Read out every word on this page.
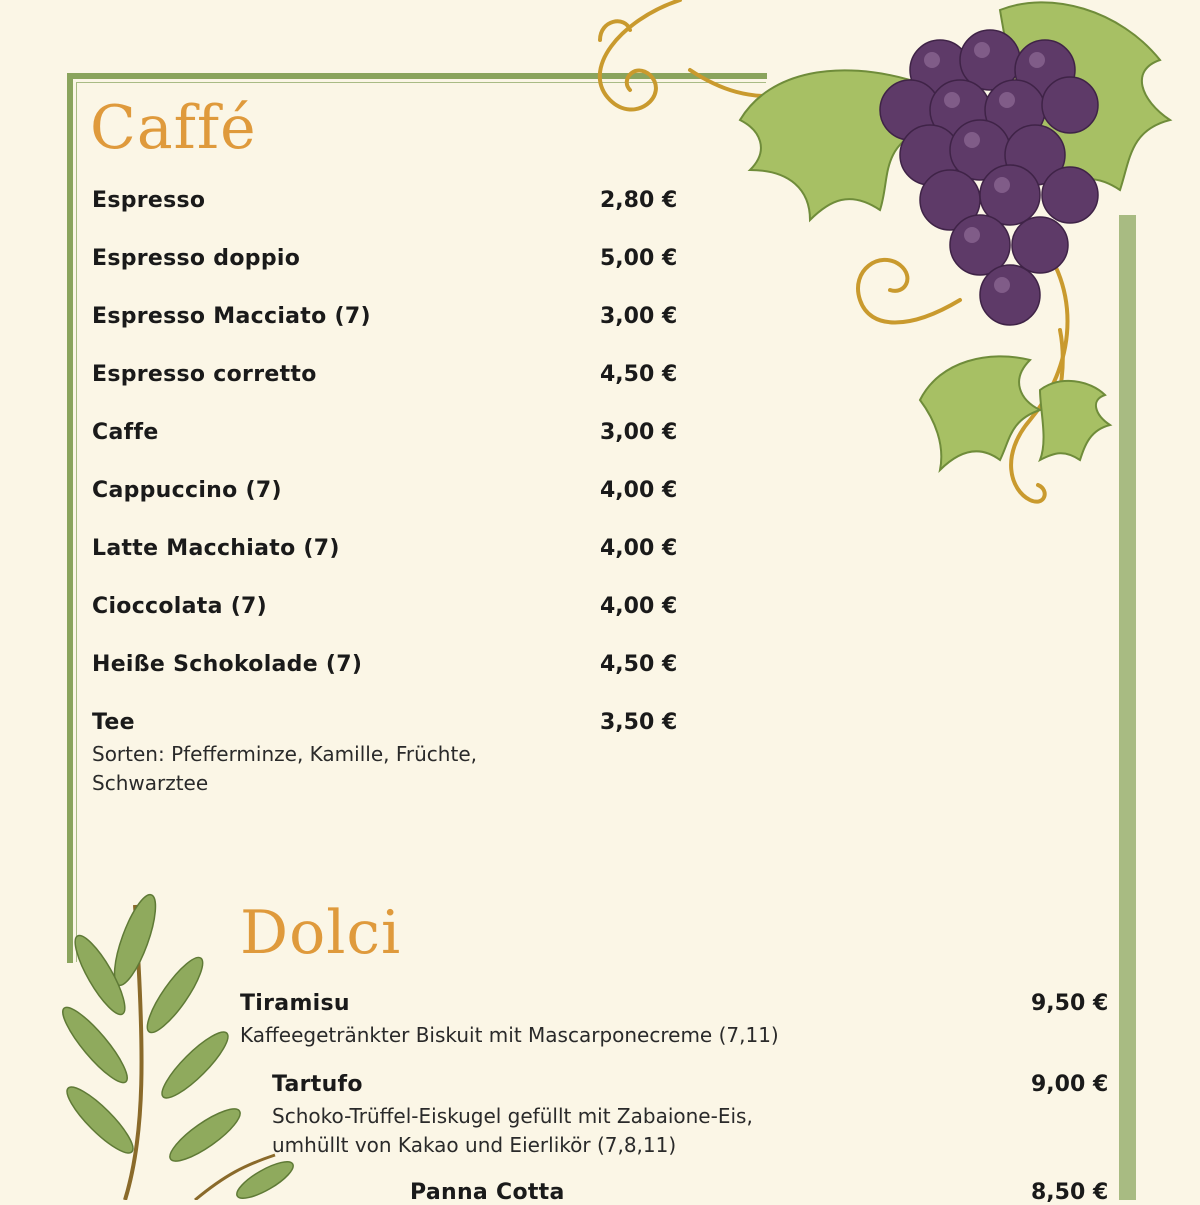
Caffé
Espresso	2,80 €
Espresso doppio	5,00 €
Espresso Macciato (7)	3,00 €
Espresso corretto	4,50 €
Caffe	3,00 €
Cappuccino (7)	4,00 €
Latte Macchiato (7)	4,00 €
Cioccolata (7)	4,00 €
Heiße Schokolade (7)	4,50 €
Tee	3,50 €
Sorten: Pfefferminze, Kamille, Früchte,
Schwarztee
Dolci
Tiramisu	9,50 €
Kaffeegetränkter Biskuit mit Mascarponecreme (7,11)
Tartufo	9,00 €
Schoko-Trüffel-Eiskugel gefüllt mit Zabaione-Eis,
umhüllt von Kakao und Eierlikör (7,8,11)
Panna Cotta	8,50 €
